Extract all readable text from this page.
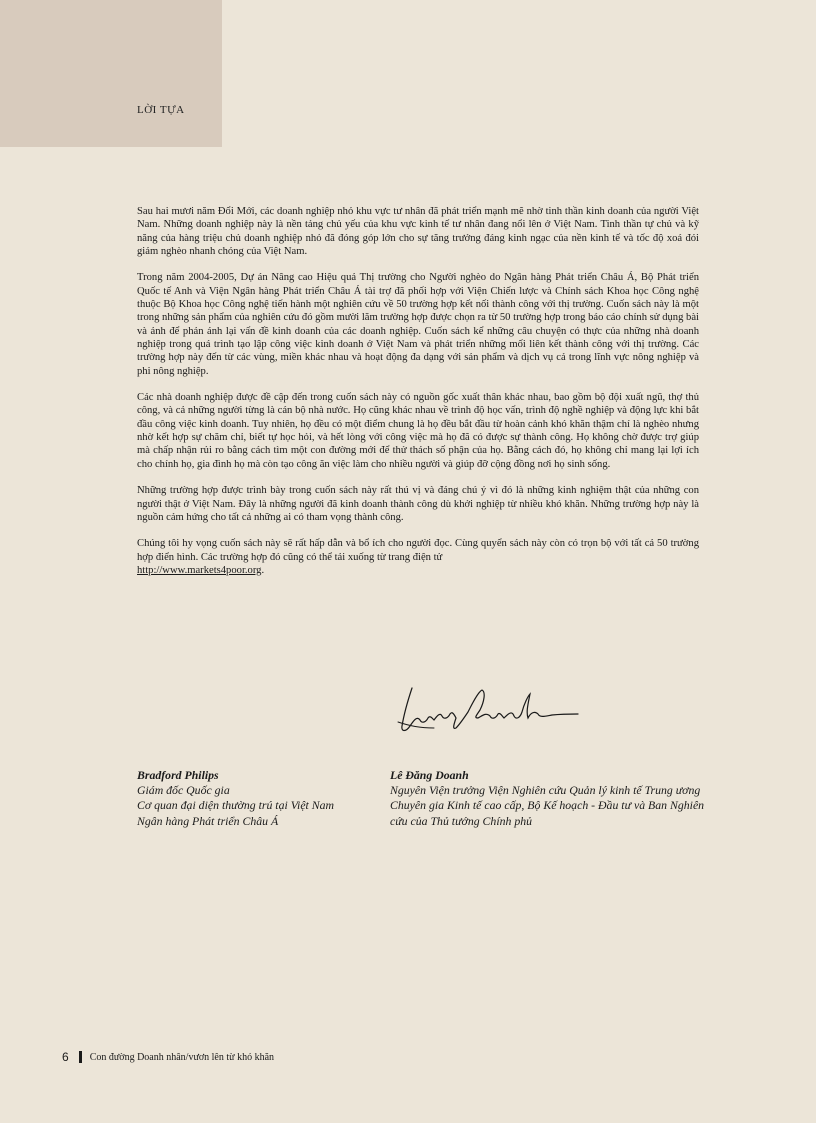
LỜI TỰA

Sau hai mươi năm Đổi Mới, các doanh nghiệp nhỏ khu vực tư nhân đã phát triển mạnh mẽ nhờ tinh thần kinh doanh của người Việt Nam. Những doanh nghiệp này là nền tảng chủ yếu của khu vực kinh tế tư nhân đang nổi lên ở Việt Nam. Tinh thần tự chủ và kỹ năng của hàng triệu chủ doanh nghiệp nhỏ đã đóng góp lớn cho sự tăng trưởng đáng kinh ngạc của nền kinh tế và tốc độ xoá đói giảm nghèo nhanh chóng của Việt Nam.

Trong năm 2004-2005, Dự án Nâng cao Hiệu quả Thị trường cho Người nghèo do Ngân hàng Phát triển Châu Á, Bộ Phát triển Quốc tế Anh và Viện Ngân hàng Phát triển Châu Á tài trợ đã phối hợp với Viện Chiến lược và Chính sách Khoa học Công nghệ thuộc Bộ Khoa học Công nghệ tiến hành một nghiên cứu về 50 trường hợp kết nối thành công với thị trường. Cuốn sách này là một trong những sản phẩm của nghiên cứu đó gồm mười lăm trường hợp được chọn ra từ 50 trường hợp trong báo cáo chính sử dụng bài và ảnh để phản ánh lại vấn đề kinh doanh của các doanh nghiệp. Cuốn sách kể những câu chuyện có thực của những nhà doanh nghiệp trong quá trình tạo lập công việc kinh doanh ở Việt Nam và phát triển những mối liên kết thành công với thị trường. Các trường hợp này đến từ các vùng, miền khác nhau và hoạt động đa dạng với sản phẩm và dịch vụ cả trong lĩnh vực nông nghiệp và phi nông nghiệp.

Các nhà doanh nghiệp được đề cập đến trong cuốn sách này có nguồn gốc xuất thân khác nhau, bao gồm bộ đội xuất ngũ, thợ thủ công, và cả những người từng là cán bộ nhà nước. Họ cũng khác nhau về trình độ học vấn, trình độ nghề nghiệp và động lực khi bắt đầu công việc kinh doanh. Tuy nhiên, họ đều có một điểm chung là họ đều bắt đầu từ hoàn cảnh khó khăn thậm chí là nghèo nhưng nhờ kết hợp sự chăm chỉ, biết tự học hỏi, và hết lòng với công việc mà họ đã có được sự thành công. Họ không chờ được trợ giúp mà chấp nhận rủi ro bằng cách tìm một con đường mới để thử thách số phận của họ. Bằng cách đó, họ không chỉ mang lại lợi ích cho chính họ, gia đình họ mà còn tạo công ăn việc làm cho nhiều người và giúp đỡ cộng đồng nơi họ sinh sống.

Những trường hợp được trình bày trong cuốn sách này rất thú vị và đáng chú ý vì đó là những kinh nghiệm thật của những con người thật ở Việt Nam. Đây là những người đã kinh doanh thành công dù khởi nghiệp từ nhiều khó khăn. Những trường hợp này là nguồn cảm hứng cho tất cả những ai có tham vọng thành công.

Chúng tôi hy vọng cuốn sách này sẽ rất hấp dẫn và bổ ích cho người đọc. Cùng quyển sách này còn có trọn bộ với tất cả 50 trường hợp điển hình. Các trường hợp đó cũng có thể tải xuống từ trang điện tử
http://www.markets4poor.org.

Bradford Philips
Giám đốc Quốc gia
Cơ quan đại diện thường trú tại Việt Nam
Ngân hàng Phát triển Châu Á
Lê Đăng Doanh
Nguyên Viện trưởng Viện Nghiên cứu Quản lý kinh tế Trung ương
Chuyên gia Kinh tế cao cấp, Bộ Kế hoạch - Đầu tư và Ban Nghiên cứu của Thủ tướng Chính phủ
6 Con đường Doanh nhân/vươn lên từ khó khăn
